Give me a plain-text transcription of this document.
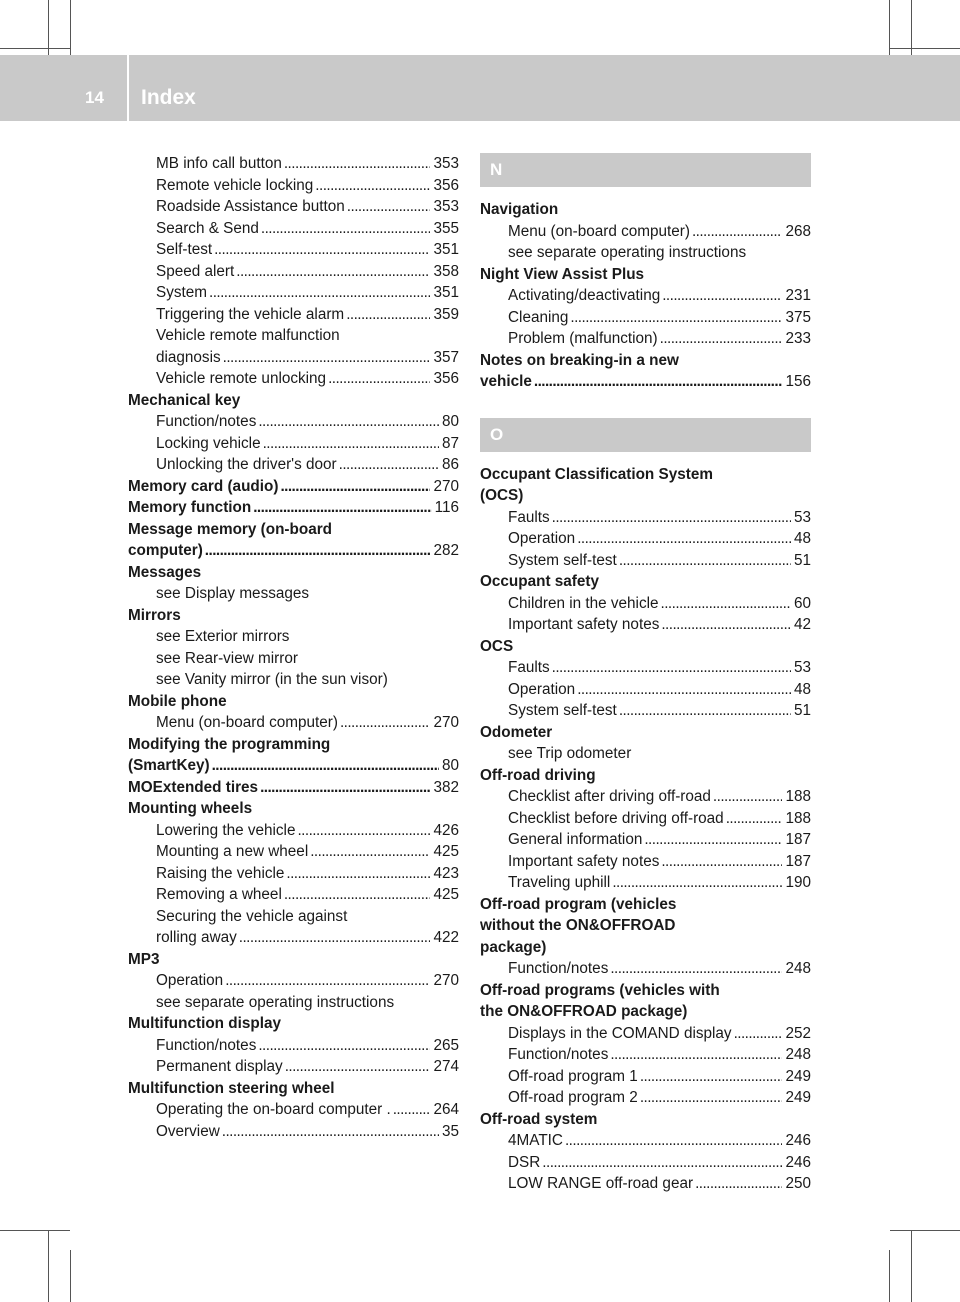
14 Index
MB info call button . . .	353
Remote vehicle locking . . .	356
Roadside Assistance button . . .	353
Search & Send . . .	355
Self-test . . .	351
Speed alert . . .	358
System . . .	351
Triggering the vehicle alarm . . .	359
Vehicle remote malfunction
diagnosis . . .	357
Vehicle remote unlocking . . .	356
Mechanical key
Function/notes . . .	80
Locking vehicle . . .	87
Unlocking the driver's door . . .	86
Memory card (audio) . . .	270
Memory function . . .	116
Message memory (on-board
computer) . . .	282
Messages
see Display messages
Mirrors
see Exterior mirrors
see Rear-view mirror
see Vanity mirror (in the sun visor)
Mobile phone
Menu (on-board computer) . . .	270
Modifying the programming
(SmartKey) . . .	80
MOExtended tires . . .	382
Mounting wheels
Lowering the vehicle . . .	426
Mounting a new wheel . . .	425
Raising the vehicle . . .	423
Removing a wheel . . .	425
Securing the vehicle against
rolling away . . .	422
MP3
Operation . . .	270
see separate operating instructions
Multifunction display
Function/notes . . .	265
Permanent display . . .	274
Multifunction steering wheel
Operating the on-board computer . . . .	264
Overview . . .	35
N
Navigation
Menu (on-board computer) . . .	268
see separate operating instructions
Night View Assist Plus
Activating/deactivating . . .	231
Cleaning . . .	375
Problem (malfunction) . . .	233
Notes on breaking-in a new
vehicle . . .	156
O
Occupant Classification System
(OCS)
Faults . . .	53
Operation . . .	48
System self-test . . .	51
Occupant safety
Children in the vehicle . . .	60
Important safety notes . . .	42
OCS
Faults . . .	53
Operation . . .	48
System self-test . . .	51
Odometer
see Trip odometer
Off-road driving
Checklist after driving off-road . . .	188
Checklist before driving off-road . . .	188
General information . . .	187
Important safety notes . . .	187
Traveling uphill . . .	190
Off-road program (vehicles
without the ON&OFFROAD
package)
Function/notes . . .	248
Off-road programs (vehicles with
the ON&OFFROAD package)
Displays in the COMAND display . . .	252
Function/notes . . .	248
Off-road program 1 . . .	249
Off-road program 2 . . .	249
Off-road system
4MATIC . . .	246
DSR . . .	246
LOW RANGE off-road gear . . .	250
